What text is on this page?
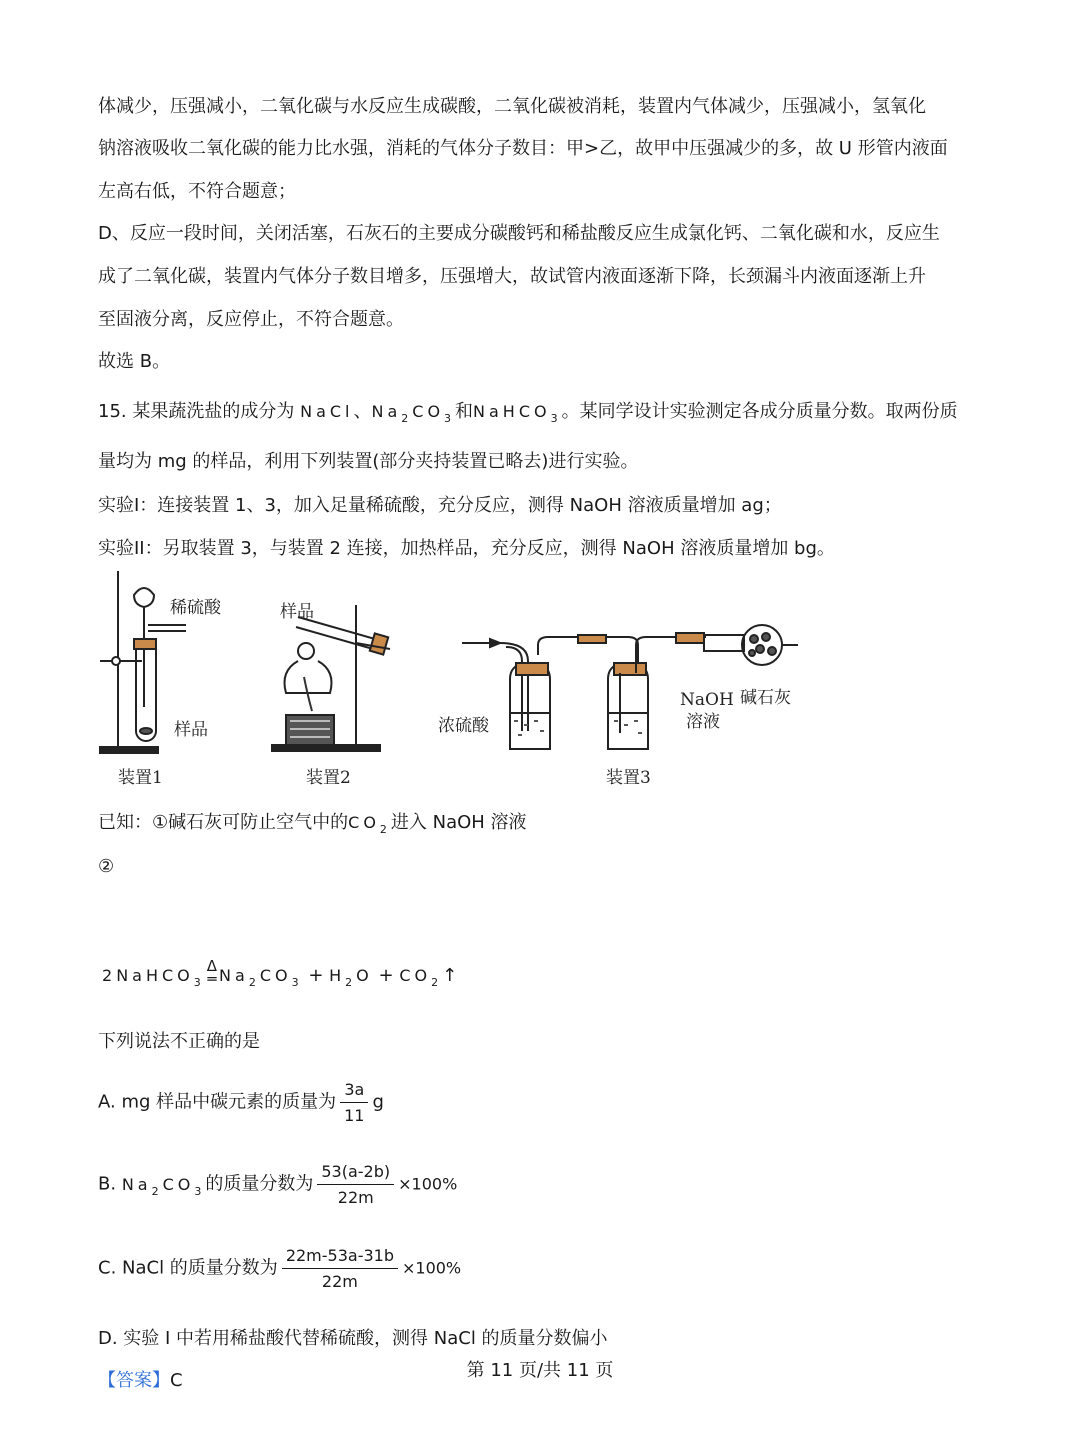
体减少，压强减小，二氧化碳与水反应生成碳酸，二氧化碳被消耗，装置内气体减少，压强减小，氢氧化
钠溶液吸收二氧化碳的能力比水强，消耗的气体分子数目：甲>乙，故甲中压强减少的多，故 U 形管内液面
左高右低，不符合题意；
D、反应一段时间，关闭活塞，石灰石的主要成分碳酸钙和稀盐酸反应生成氯化钙、二氧化碳和水，反应生
成了二氧化碳，装置内气体分子数目增多，压强增大，故试管内液面逐渐下降，长颈漏斗内液面逐渐上升
至固液分离，反应停止，不符合题意。
故选 B。
15. 某果蔬洗盐的成分为 NaCl、$Na_2CO_3$和NaHCO$_3$。某同学设计实验测定各成分质量分数。取两份质
量均为 mg 的样品，利用下列装置(部分夹持装置已略去)进行实验。
实验I：连接装置 1、3，加入足量稀硫酸，充分反应，测得 NaOH 溶液质量增加 ag；
实验II：另取装置 3，与装置 2 连接，加热样品，充分反应，测得 NaOH 溶液质量增加 bg。
稀硫酸
样品
装置1
样品
装置2
浓硫酸
NaOH
溶液
碱石灰
装置3
已知：①碱石灰可防止空气中的$CO_2$进入 NaOH 溶液
②
2NaHCO$_3$
Δ
═ $Na_2CO_3 + H_2O$ + $CO_2↑$
下列说法不正确的是
A. mg 样品中碳元素的质量为 $\frac{3a}{11}$ g
B. $Na_2CO_3$的质量分数为 $\frac{53(a-2b)}{22m} \times 100\%$
C. NaCl 的质量分数为 $\frac{22m-53a-31b}{22m} \times 100\%$
D. 实验 I 中若用稀盐酸代替稀硫酸，测得 NaCl 的质量分数偏小
【答案】C	第 11 页/共 11 页
